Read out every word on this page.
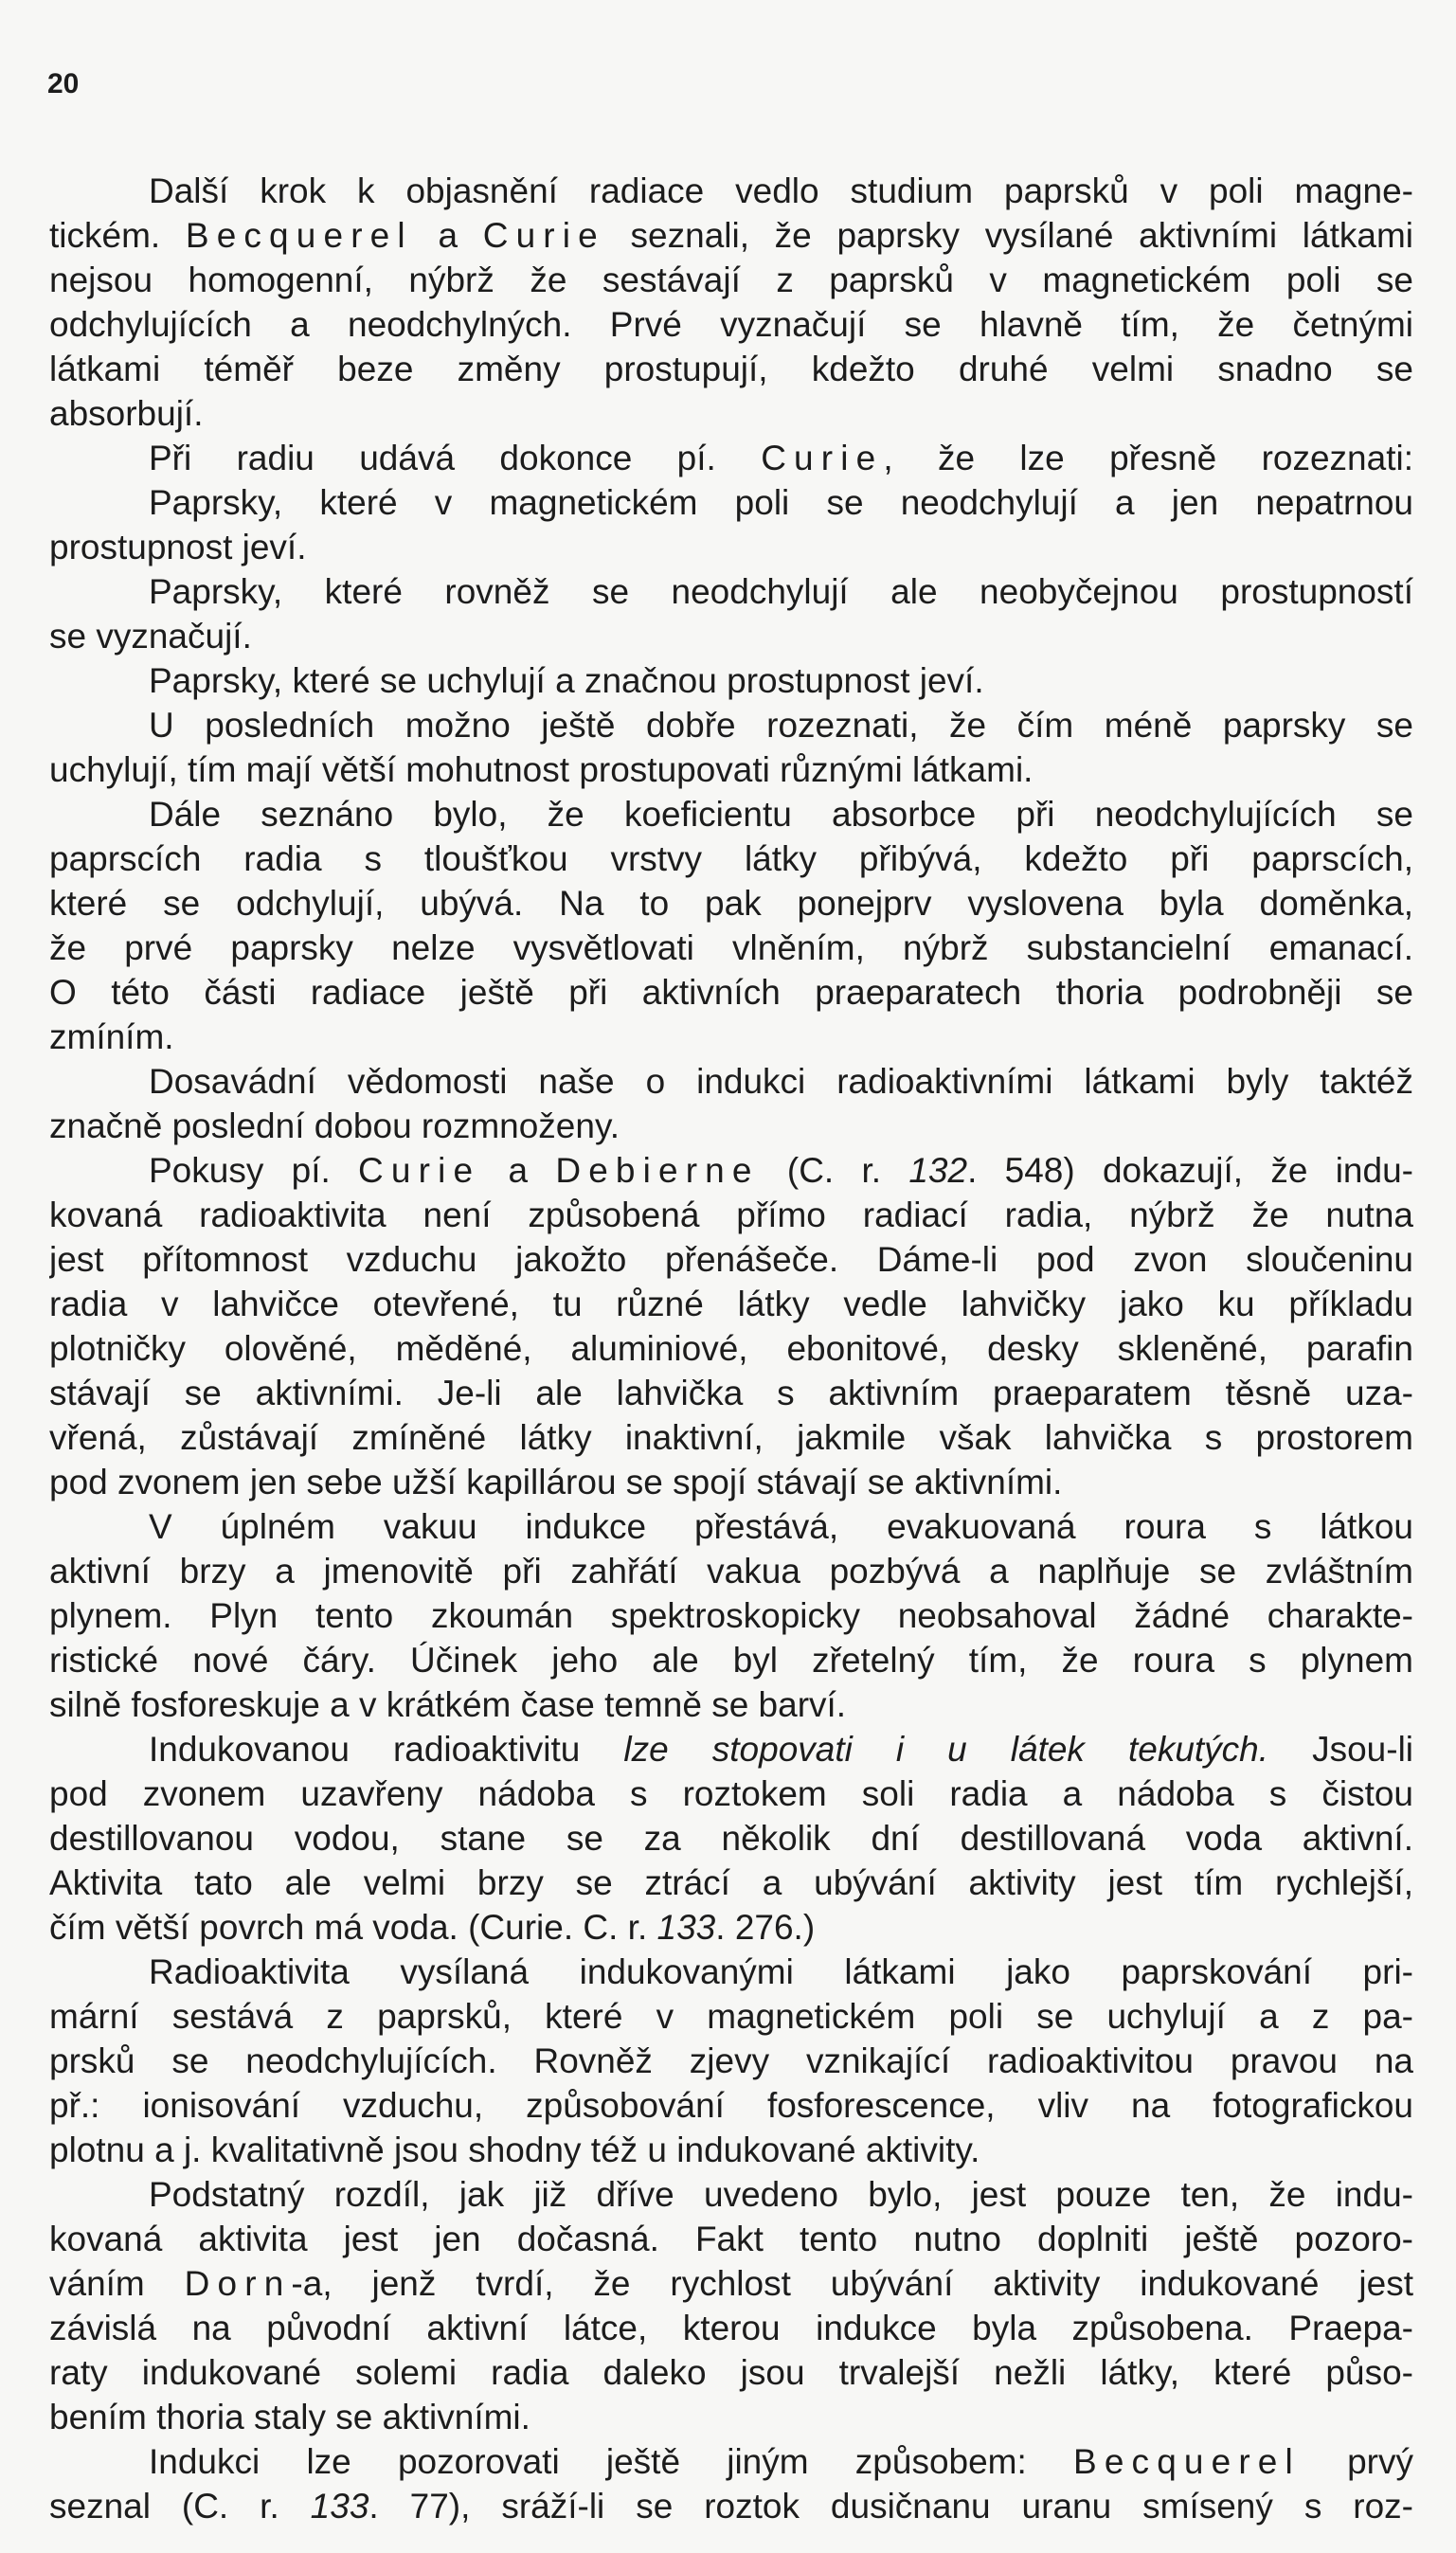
20
Další krok k objasnění radiace vedlo studium paprsků v poli magne-
tickém. Becquerel a Curie seznali, že paprsky vysílané aktivními látkami
nejsou homogenní, nýbrž že sestávají z paprsků v magnetickém poli se
odchylujících a neodchylných. Prvé vyznačují se hlavně tím, že četnými
látkami téměř beze změny prostupují, kdežto druhé velmi snadno se
absorbují.
Při radiu udává dokonce pí. Curie, že lze přesně rozeznati:
Paprsky, které v magnetickém poli se neodchylují a jen nepatrnou
prostupnost jeví.
Paprsky, které rovněž se neodchylují ale neobyčejnou prostupností
se vyznačují.
Paprsky, které se uchylují a značnou prostupnost jeví.
U posledních možno ještě dobře rozeznati, že čím méně paprsky se
uchylují, tím mají větší mohutnost prostupovati různými látkami.
Dále seznáno bylo, že koeficientu absorbce při neodchylujících se
paprscích radia s tloušťkou vrstvy látky přibývá, kdežto při paprscích,
které se odchylují, ubývá. Na to pak ponejprv vyslovena byla doměnka,
že prvé paprsky nelze vysvětlovati vlněním, nýbrž substancielní emanací.
O této části radiace ještě při aktivních praeparatech thoria podrobněji se
zmíním.
Dosavádní vědomosti naše o indukci radioaktivními látkami byly taktéž
značně poslední dobou rozmnoženy.
Pokusy pí. Curie a Debierne (C. r. 132. 548) dokazují, že indu-
kovaná radioaktivita není způsobená přímo radiací radia, nýbrž že nutna
jest přítomnost vzduchu jakožto přenášeče. Dáme-li pod zvon sloučeninu
radia v lahvičce otevřené, tu různé látky vedle lahvičky jako ku příkladu
plotničky olověné, měděné, aluminiové, ebonitové, desky skleněné, parafin
stávají se aktivními. Je-li ale lahvička s aktivním praeparatem těsně uza-
vřená, zůstávají zmíněné látky inaktivní, jakmile však lahvička s prostorem
pod zvonem jen sebe užší kapillárou se spojí stávají se aktivními.
V úplném vakuu indukce přestává, evakuovaná roura s látkou
aktivní brzy a jmenovitě při zahřátí vakua pozbývá a naplňuje se zvláštním
plynem. Plyn tento zkoumán spektroskopicky neobsahoval žádné charakte-
ristické nové čáry. Účinek jeho ale byl zřetelný tím, že roura s plynem
silně fosforeskuje a v krátkém čase temně se barví.
Indukovanou radioaktivitu lze stopovati i u látek tekutých. Jsou-li
pod zvonem uzavřeny nádoba s roztokem soli radia a nádoba s čistou
destillovanou vodou, stane se za několik dní destillovaná voda aktivní.
Aktivita tato ale velmi brzy se ztrácí a ubývání aktivity jest tím rychlejší,
čím větší povrch má voda. (Curie. C. r. 133. 276.)
Radioaktivita vysílaná indukovanými látkami jako paprskování pri-
mární sestává z paprsků, které v magnetickém poli se uchylují a z pa-
prsků se neodchylujících. Rovněž zjevy vznikající radioaktivitou pravou na
př.: ionisování vzduchu, způsobování fosforescence, vliv na fotografickou
plotnu a j. kvalitativně jsou shodny též u indukované aktivity.
Podstatný rozdíl, jak již dříve uvedeno bylo, jest pouze ten, že indu-
kovaná aktivita jest jen dočasná. Fakt tento nutno doplniti ještě pozoro-
váním Dorn-a, jenž tvrdí, že rychlost ubývání aktivity indukované jest
závislá na původní aktivní látce, kterou indukce byla způsobena. Praepa-
raty indukované solemi radia daleko jsou trvalejší nežli látky, které půso-
bením thoria staly se aktivními.
Indukci lze pozorovati ještě jiným způsobem: Becquerel prvý
seznal (C. r. 133. 77), sráží-li se roztok dusičnanu uranu smísený s roz-
